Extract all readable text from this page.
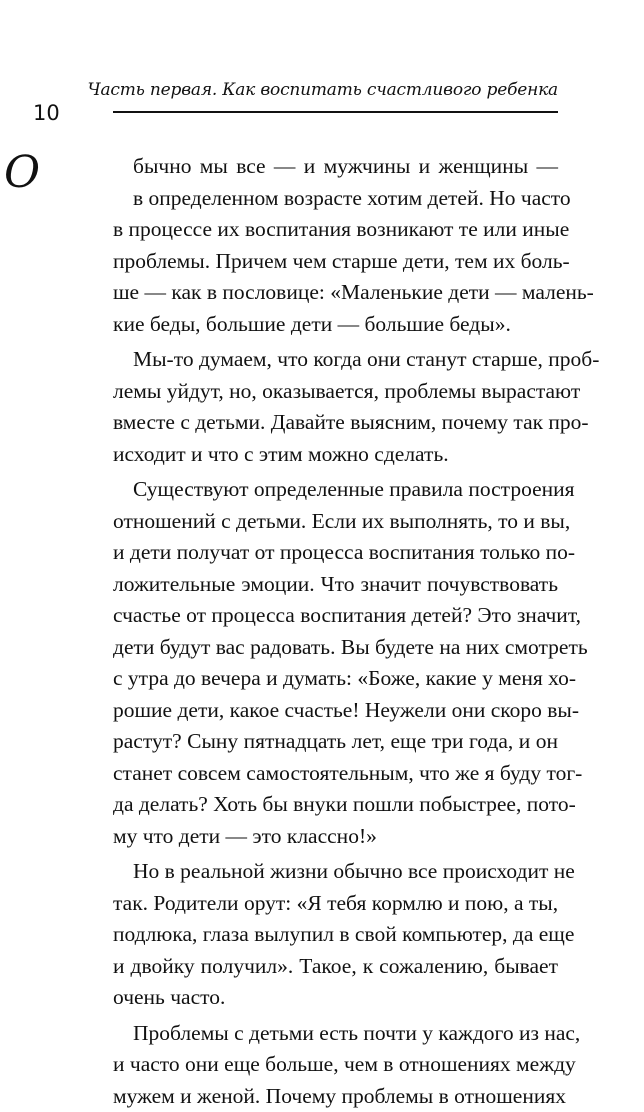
Часть первая. Как воспитать счастливого ребенка
10
О	бычно мы все — и мужчины и женщины —
в определенном возрасте хотим детей. Но часто
в процессе их воспитания возникают те или иные
проблемы. Причем чем старше дети, тем их боль-
ше — как в пословице: «Маленькие дети — малень-
кие беды, большие дети — большие беды».
Мы-то думаем, что когда они станут старше, проб-
лемы уйдут, но, оказывается, проблемы вырастают
вместе с детьми. Давайте выясним, почему так про-
исходит и что с этим можно сделать.
Существуют определенные правила построения
отношений с детьми. Если их выполнять, то и вы,
и дети получат от процесса воспитания только по-
ложительные эмоции. Что значит почувствовать
счастье от процесса воспитания детей? Это значит,
дети будут вас радовать. Вы будете на них смотреть
с утра до вечера и думать: «Боже, какие у меня хо-
рошие дети, какое счастье! Неужели они скоро вы-
растут? Сыну пятнадцать лет, еще три года, и он
станет совсем самостоятельным, что же я буду тог-
да делать? Хоть бы внуки пошли побыстрее, пото-
му что дети — это классно!»
Но в реальной жизни обычно все происходит не
так. Родители орут: «Я тебя кормлю и пою, а ты,
подлюка, глаза вылупил в свой компьютер, да еще
и двойку получил». Такое, к сожалению, бывает
очень часто.
Проблемы с детьми есть почти у каждого из нас,
и часто они еще больше, чем в отношениях между
мужем и женой. Почему проблемы в отношениях
